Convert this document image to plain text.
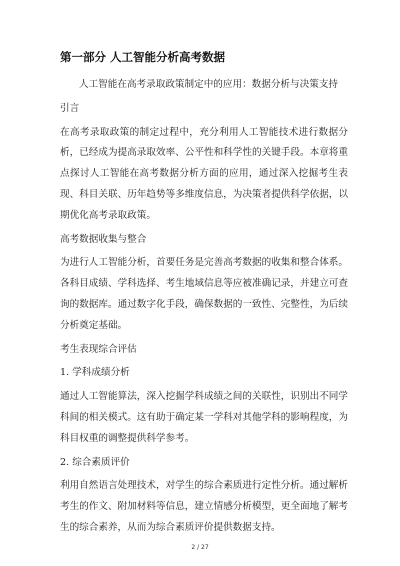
第一部分 人工智能分析高考数据
人工智能在高考录取政策制定中的应用：数据分析与决策支持
引言
在高考录取政策的制定过程中，充分利用人工智能技术进行数据分析，已经成为提高录取效率、公平性和科学性的关键手段。本章将重点探讨人工智能在高考数据分析方面的应用，通过深入挖掘考生表现、科目关联、历年趋势等多维度信息，为决策者提供科学依据，以期优化高考录取政策。
高考数据收集与整合
为进行人工智能分析，首要任务是完善高考数据的收集和整合体系。各科目成绩、学科选择、考生地域信息等应被准确记录，并建立可查询的数据库。通过数字化手段，确保数据的一致性、完整性，为后续分析奠定基础。
考生表现综合评估
1. 学科成绩分析
通过人工智能算法，深入挖掘学科成绩之间的关联性，识别出不同学科间的相关模式。这有助于确定某一学科对其他学科的影响程度，为科目权重的调整提供科学参考。
2. 综合素质评价
利用自然语言处理技术，对学生的综合素质进行定性分析。通过解析考生的作文、附加材料等信息，建立情感分析模型，更全面地了解考生的综合素养，从而为综合素质评价提供数据支持。
2 / 27
